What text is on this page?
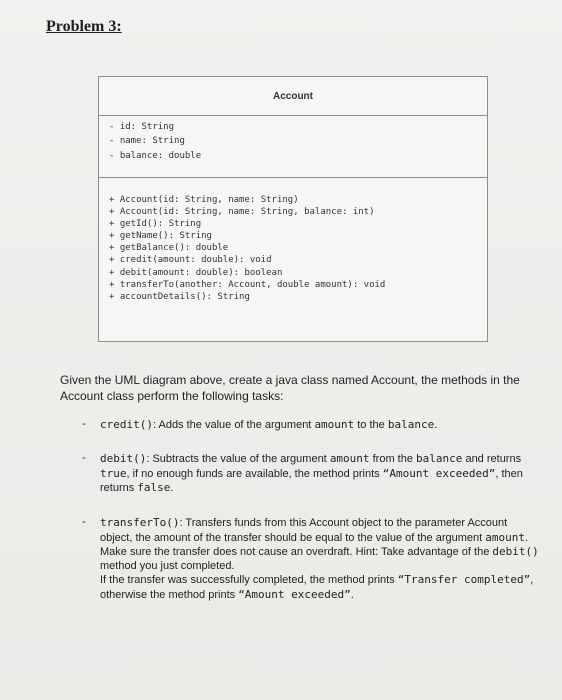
Problem 3:
Account
- id: String
- name: String
- balance: double
+ Account(id: String, name: String)
+ Account(id: String, name: String, balance: int)
+ getId(): String
+ getName(): String
+ getBalance(): double
+ credit(amount: double): void
+ debit(amount: double): boolean
+ transferTo(another: Account, double amount): void
+ accountDetails(): String
Given the UML diagram above, create a java class named Account, the methods in the Account class perform the following tasks:
- credit(): Adds the value of the argument amount to the balance.
- debit(): Subtracts the value of the argument amount from the balance and returns true, if no enough funds are available, the method prints “Amount exceeded”, then returns false.
- transferTo(): Transfers funds from this Account object to the parameter Account object, the amount of the transfer should be equal to the value of the argument amount.
Make sure the transfer does not cause an overdraft. Hint: Take advantage of the debit() method you just completed.
If the transfer was successfully completed, the method prints “Transfer completed”, otherwise the method prints “Amount exceeded”.
